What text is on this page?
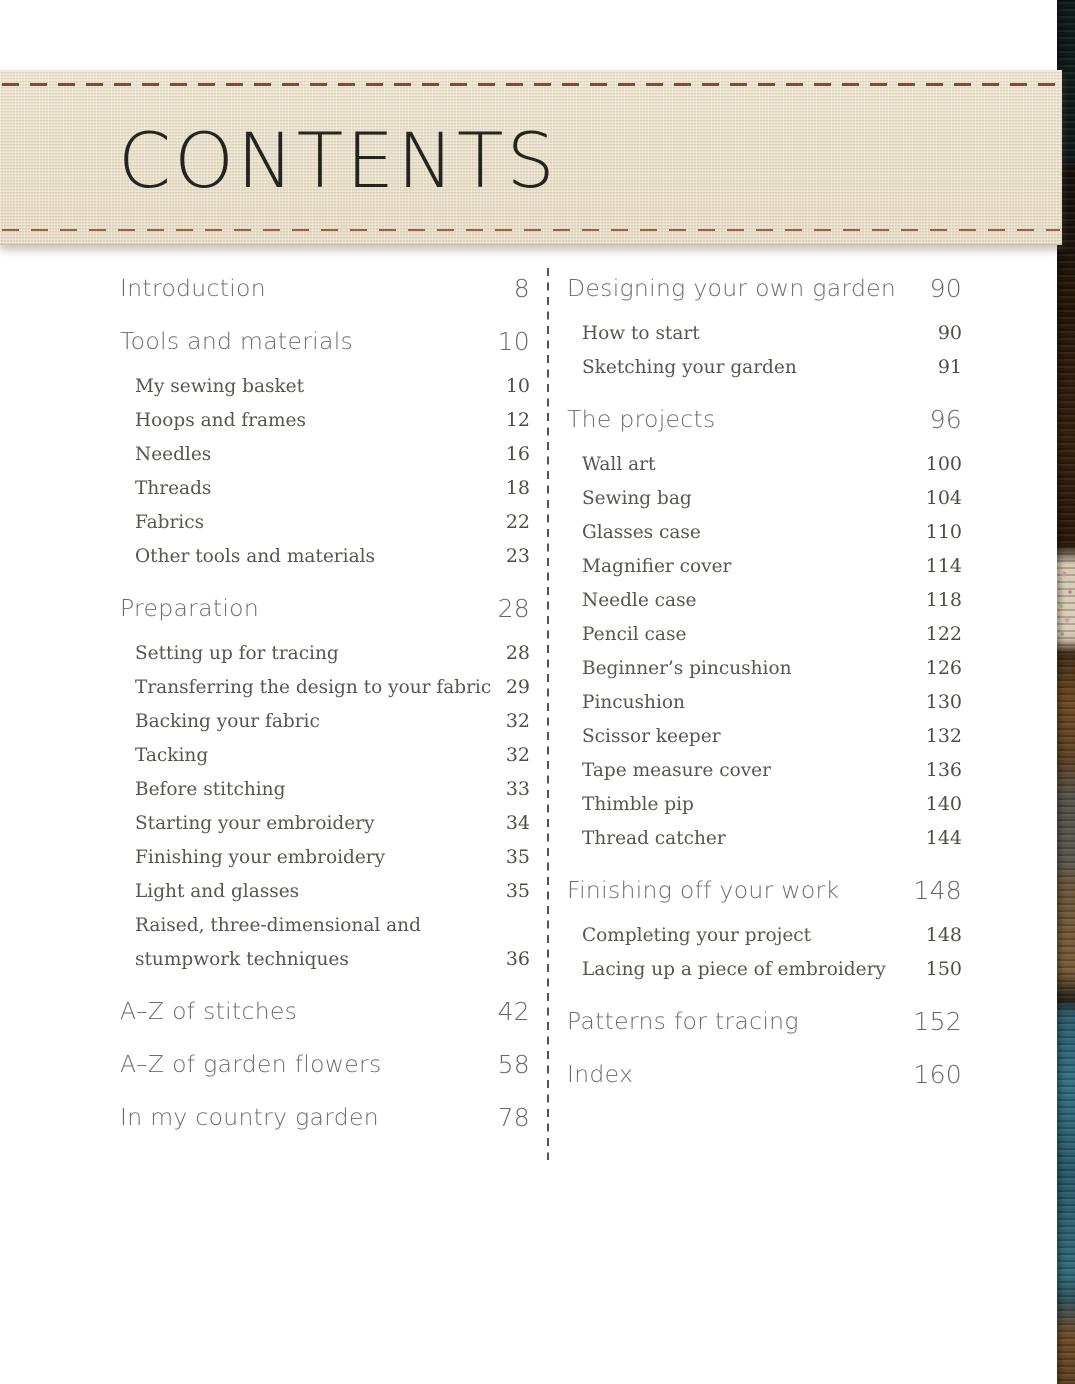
CONTENTS
Introduction	8
Tools and materials	10
My sewing basket	10
Hoops and frames	12
Needles	16
Threads	18
Fabrics	22
Other tools and materials	23
Preparation	28
Setting up for tracing	28
Transferring the design to your fabric 29
Backing your fabric	32
Tacking	32
Before stitching	33
Starting your embroidery	34
Finishing your embroidery	35
Light and glasses	35
Raised, three-dimensional and
stumpwork techniques	36
A–Z of stitches	42
A–Z of garden flowers	58
In my country garden	78
Designing your own garden	90
How to start	90
Sketching your garden	91
The projects	96
Wall art	100
Sewing bag	104
Glasses case	110
Magnifier cover	114
Needle case	118
Pencil case	122
Beginner’s pincushion	126
Pincushion	130
Scissor keeper	132
Tape measure cover	136
Thimble pip	140
Thread catcher	144
Finishing off your work	148
Completing your project	148
Lacing up a piece of embroidery	150
Patterns for tracing	152
Index	160
